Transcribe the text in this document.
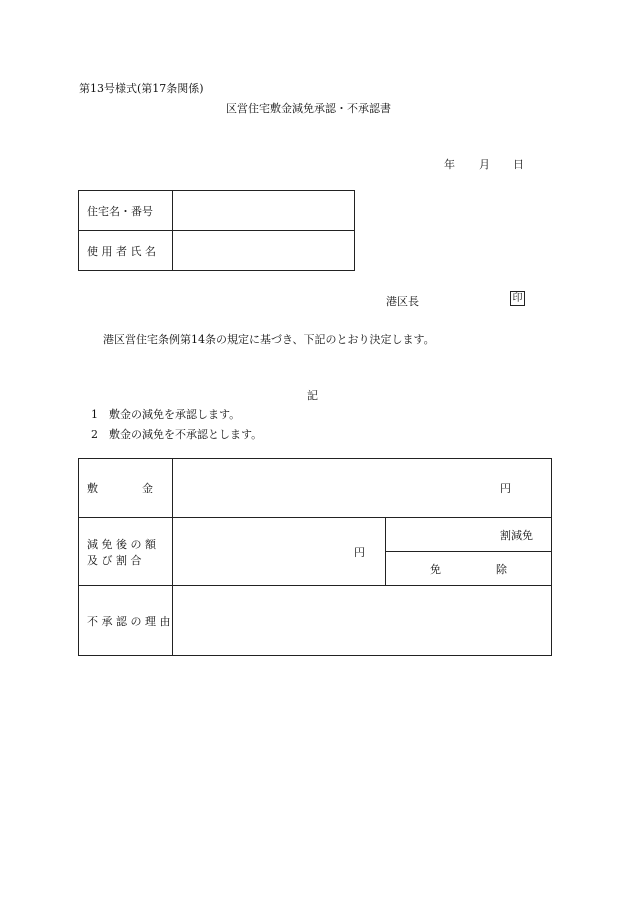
第13号様式(第17条関係)
区営住宅敷金減免承認・不承認書
年 月 日
住宅名・番号	
使 用 者 氏 名	
港区長	印
港区営住宅条例第14条の規定に基づき、下記のとおり決定します。
記
1　敷金の減免を承認します。
2　敷金の減免を不承認とします。
敷　　　　金	円	

減 免 後 の 額
及 び 割 合	円	割減免
		免　　　　　除
不 承 認 の 理 由		
